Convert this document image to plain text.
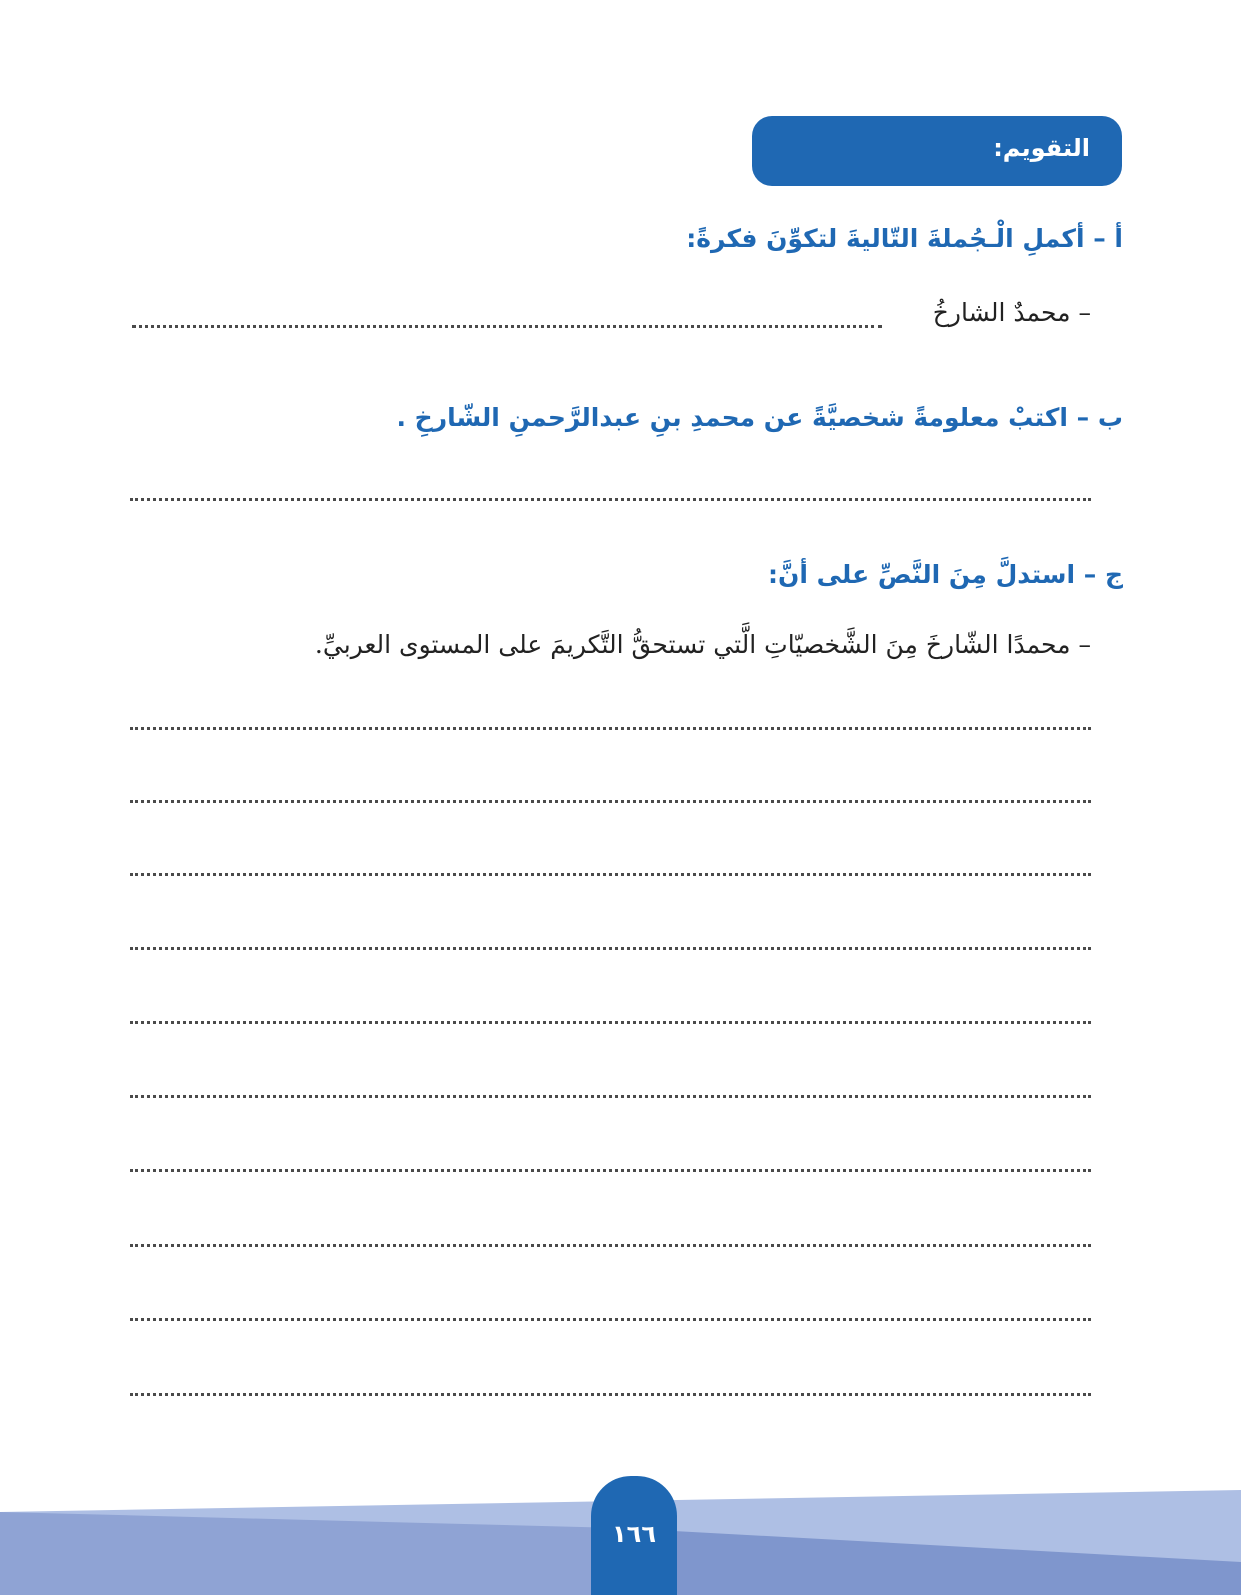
التقويم:
أ – أكملِ الْـجُملةَ التّاليةَ لتكوِّنَ فكرةً:
– محمدٌ الشارخُ
ب – اكتبْ معلومةً شخصيَّةً عن محمدِ بنِ عبدالرَّحمنِ الشّارخِ .
ج – استدلَّ مِنَ النَّصِّ على أنَّ:
– محمدًا الشّارخَ مِنَ الشَّخصيّاتِ الَّتي تستحقُّ التَّكريمَ على المستوى العربيِّ.
١٦٦
